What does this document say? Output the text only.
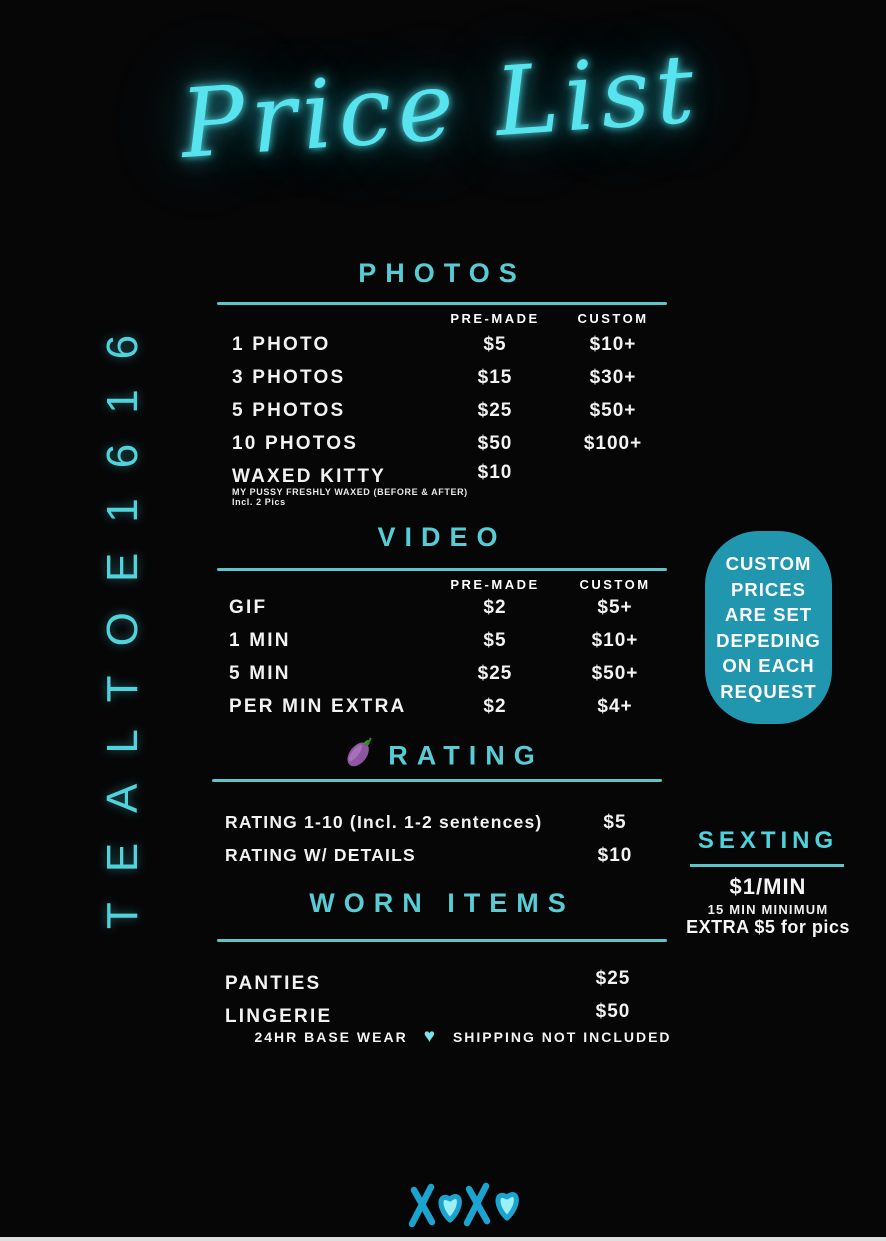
Price List
TEALTOE1616
PHOTOS
PRE-MADE	CUSTOM
1 PHOTO	$5	$10+
3 PHOTOS	$15	$30+
5 PHOTOS	$25	$50+
10 PHOTOS	$50	$100+
WAXED KITTY	$10
MY PUSSY FRESHLY WAXED (BEFORE & AFTER)
Incl. 2 Pics
VIDEO
PRE-MADE	CUSTOM
GIF	$2	$5+
1 MIN	$5	$10+
5 MIN	$25	$50+
PER MIN EXTRA	$2	$4+
RATING
RATING 1-10 (Incl. 1-2 sentences)	$5
RATING W/ DETAILS	$10
WORN ITEMS
PANTIES	$25
LINGERIE	$50
24HR BASE WEAR ♥ SHIPPING NOT INCLUDED
CUSTOM
PRICES
ARE SET
DEPEDING
ON EACH
REQUEST
SEXTING
$1/MIN
15 MIN MINIMUM
EXTRA $5 for pics
